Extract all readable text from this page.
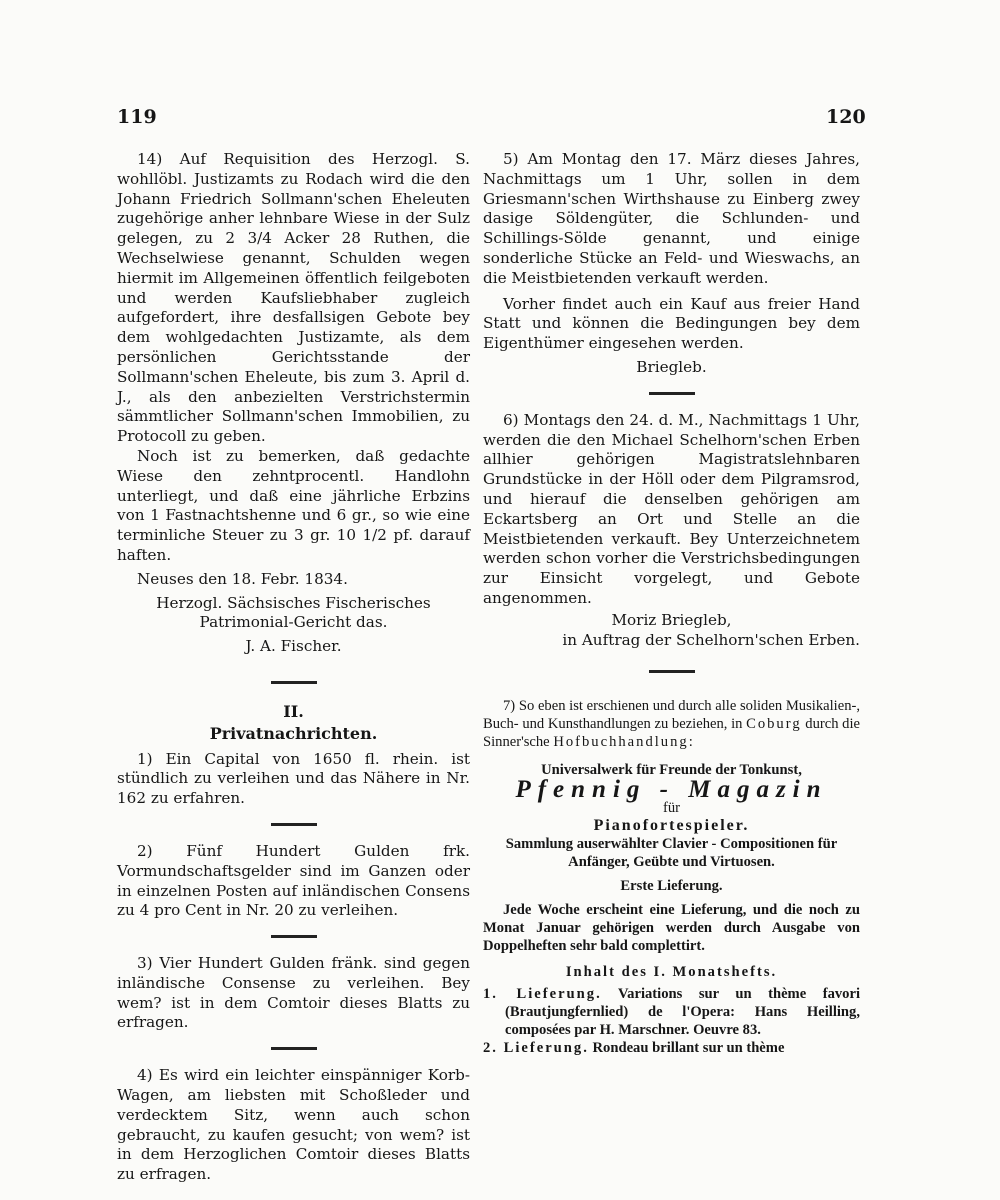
119	120

14) Auf Requisition des Herzogl. S. wohllöbl. Justizamts zu Rodach wird die den Johann Friedrich Sollmann'schen Eheleuten zugehörige anher lehnbare Wiese in der Sulz gelegen, zu 2 3/4 Acker 28 Ruthen, die Wechselwiese genannt, Schulden wegen hiermit im Allgemeinen öffentlich feilgeboten und werden Kaufsliebhaber zugleich aufgefordert, ihre desfallsigen Gebote bey dem wohlgedachten Justizamte, als dem persönlichen Gerichtsstande der Sollmann'schen Eheleute, bis zum 3. April d. J., als den anbezielten Verstrichstermin sämmtlicher Sollmann'schen Immobilien, zu Protocoll zu geben.

Noch ist zu bemerken, daß gedachte Wiese den zehntprocentl. Handlohn unterliegt, und daß eine jährliche Erbzins von 1 Fastnachtshenne und 6 gr., so wie eine terminliche Steuer zu 3 gr. 10 1/2 pf. darauf haften.

Neuses den 18. Febr. 1834.

Herzogl. Sächsisches Fischerisches Patrimonial-Gericht das.

J. A. Fischer.

II.

Privatnachrichten.

1) Ein Capital von 1650 fl. rhein. ist stündlich zu verleihen und das Nähere in Nr. 162 zu erfahren.

2) Fünf Hundert Gulden frk. Vormundschaftsgelder sind im Ganzen oder in einzelnen Posten auf inländischen Consens zu 4 pro Cent in Nr. 20 zu verleihen.

3) Vier Hundert Gulden fränk. sind gegen inländische Consense zu verleihen. Bey wem? ist in dem Comtoir dieses Blatts zu erfragen.

4) Es wird ein leichter einspänniger Korb-Wagen, am liebsten mit Schoßleder und verdecktem Sitz, wenn auch schon gebraucht, zu kaufen gesucht; von wem? ist in dem Herzoglichen Comtoir dieses Blatts zu erfragen.

5) Am Montag den 17. März dieses Jahres, Nachmittags um 1 Uhr, sollen in dem Griesmann'schen Wirthshause zu Einberg zwey dasige Söldengüter, die Schlunden- und Schillings-Sölde genannt, und einige sonderliche Stücke an Feld- und Wieswachs, an die Meistbietenden verkauft werden.

Vorher findet auch ein Kauf aus freier Hand Statt und können die Bedingungen bey dem Eigenthümer eingesehen werden.

Briegleb.

6) Montags den 24. d. M., Nachmittags 1 Uhr, werden die den Michael Schelhorn'schen Erben allhier gehörigen Magistratslehnbaren Grundstücke in der Höll oder dem Pilgramsrod, und hierauf die denselben gehörigen am Eckartsberg an Ort und Stelle an die Meistbietenden verkauft. Bey Unterzeichnetem werden schon vorher die Verstrichsbedingungen zur Einsicht vorgelegt, und Gebote angenommen.

Moriz Briegleb,

in Auftrag der Schelhorn'schen Erben.

7) So eben ist erschienen und durch alle soliden Musikalien-, Buch- und Kunsthandlungen zu beziehen, in Coburg durch die Sinner'sche Hofbuchhandlung:

Universalwerk für Freunde der Tonkunst,

Pfennig - Magazin

für

Pianofortespieler.

Sammlung auserwählter Clavier - Compositionen für Anfänger, Geübte und Virtuosen.

Erste Lieferung.

Jede Woche erscheint eine Lieferung, und die noch zu Monat Januar gehörigen werden durch Ausgabe von Doppelheften sehr bald complettirt.

Inhalt des I. Monatshefts.

1. Lieferung. Variations sur un thème favori (Brautjungfernlied) de l'Opera: Hans Heilling, composées par H. Marschner. Oeuvre 83.

2. Lieferung. Rondeau brillant sur un thème
